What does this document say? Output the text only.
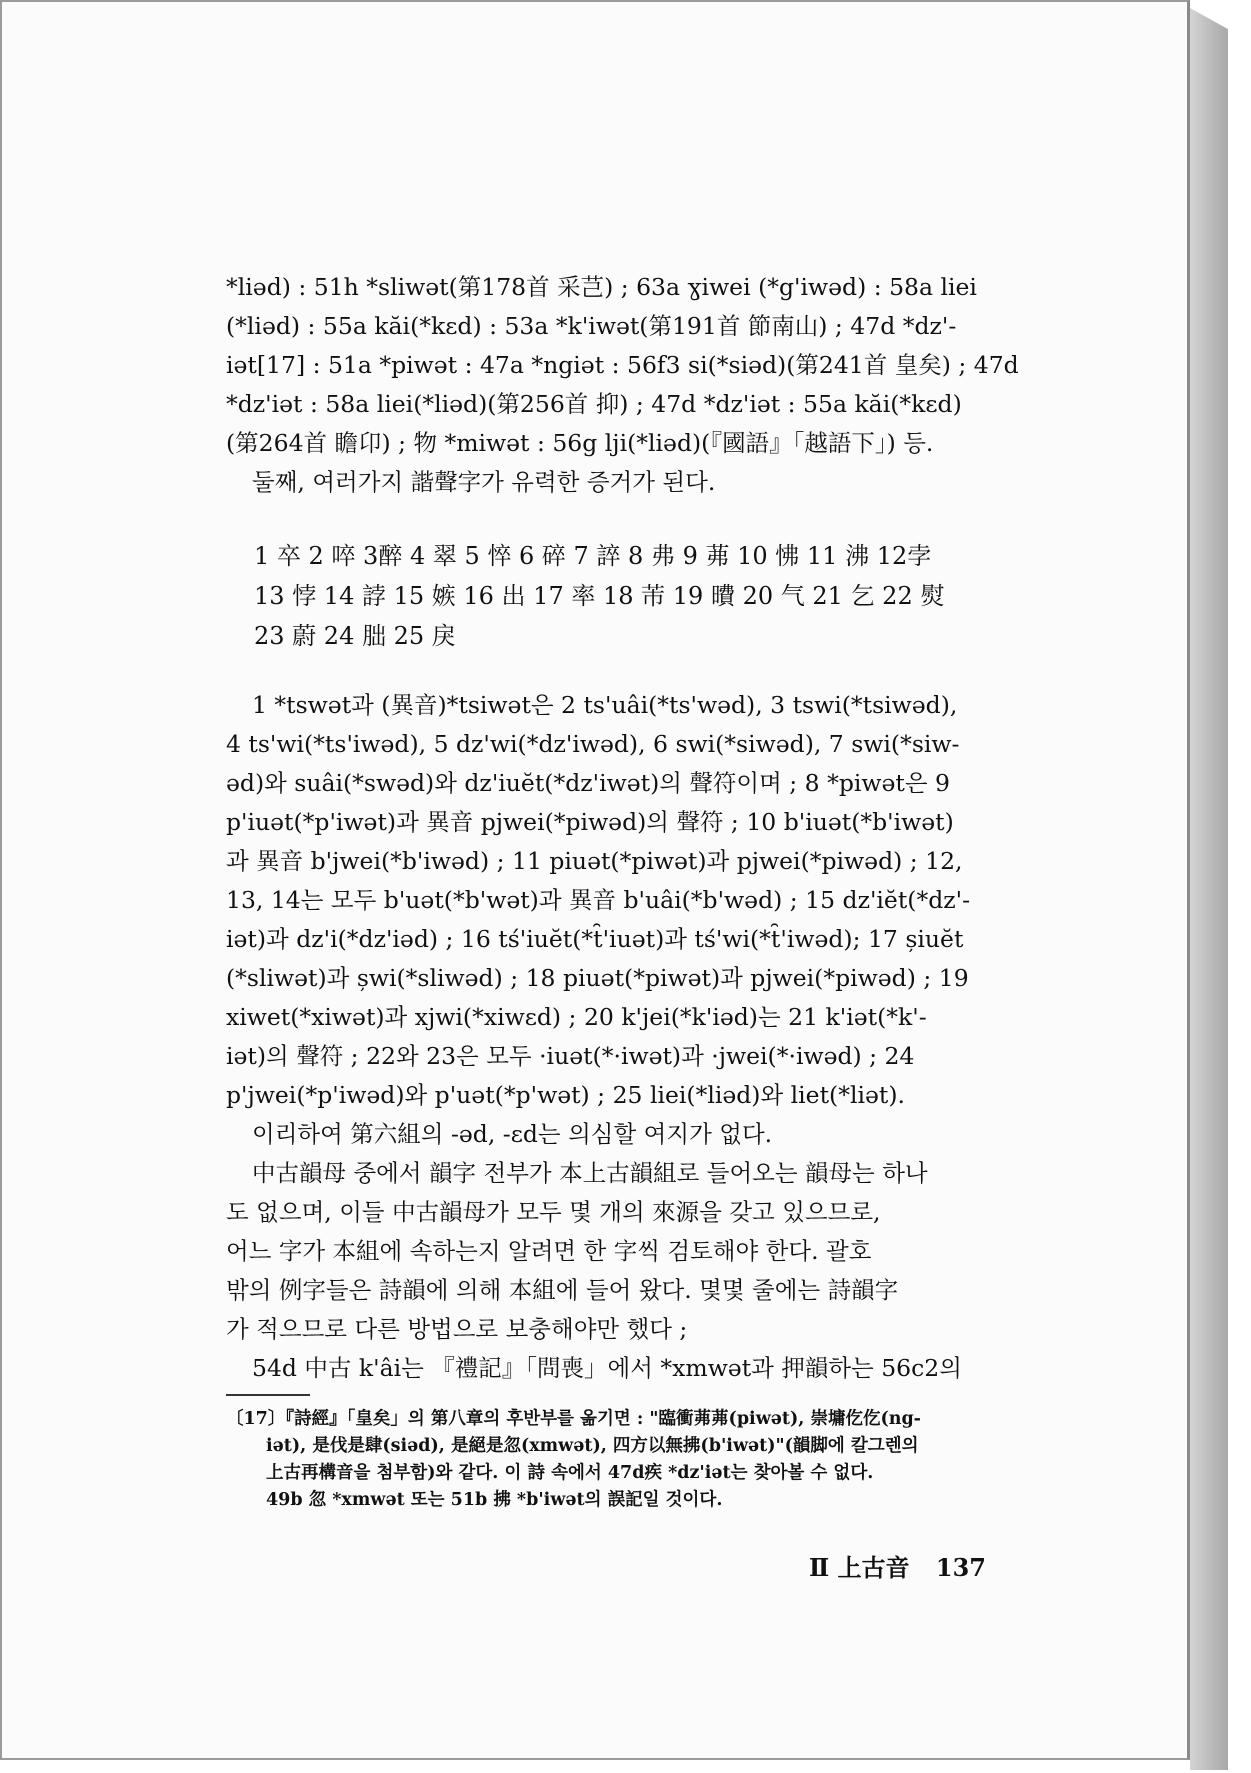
*liəd) : 51h *sliwət(第178首 采芑) ; 63a ɣiwei (*g'iwəd) : 58a liei

(*liəd) : 55a kăi(*kɛd) : 53a *k'iwət(第191首 節南山) ; 47d *dz'-

iət[17] : 51a *piwət : 47a *ngiət : 56f3 si(*siəd)(第241首 皇矣) ; 47d

*dz'iət : 58a liei(*liəd)(第256首 抑) ; 47d *dz'iət : 55a kăi(*kɛd)

(第264首 瞻卬) ; 物 *miwət : 56g lji(*liəd)(『國語』「越語下」) 등.

둘째, 여러가지 諧聲字가 유력한 증거가 된다.

1 卒 2 啐 3醉 4 翠 5 悴 6 碎 7 誶 8 弗 9 茀 10 怫 11 沸 12孛

13 悖 14 誖 15 嫉 16 出 17 率 18 芾 19 曊 20 气 21 乞 22 熨

23 蔚 24 朏 25 戾

1 *tswət과 (異音)*tsiwət은 2 ts'uâi(*ts'wəd), 3 tswi(*tsiwəd),

4 ts'wi(*ts'iwəd), 5 dz'wi(*dz'iwəd), 6 swi(*siwəd), 7 swi(*siw-

əd)와 suâi(*swəd)와 dz'iuĕt(*dz'iwət)의 聲符이며 ; 8 *piwət은 9

p'iuət(*p'iwət)과 異音 pjwei(*piwəd)의 聲符 ; 10 b'iuət(*b'iwət)

과 異音 b'jwei(*b'iwəd) ; 11 piuət(*piwət)과 pjwei(*piwəd) ; 12,

13, 14는 모두 b'uət(*b'wət)과 異音 b'uâi(*b'wəd) ; 15 dz'iĕt(*dz'-

iət)과 dz'i(*dz'iəd) ; 16 tś'iuĕt(*t̑'iuət)과 tś'wi(*t̑'iwəd); 17 șiuĕt

(*sliwət)과 șwi(*sliwəd) ; 18 piuət(*piwət)과 pjwei(*piwəd) ; 19

xiwet(*xiwət)과 xjwi(*xiwɛd) ; 20 k'jei(*k'iəd)는 21 k'iət(*k'-

iət)의 聲符 ; 22와 23은 모두 ·iuət(*·iwət)과 ·jwei(*·iwəd) ; 24

p'jwei(*p'iwəd)와 p'uət(*p'wət) ; 25 liei(*liəd)와 liet(*liət).

이리하여 第六組의 -əd, -ɛd는 의심할 여지가 없다.

中古韻母 중에서 韻字 전부가 本上古韻組로 들어오는 韻母는 하나

도 없으며, 이들 中古韻母가 모두 몇 개의 來源을 갖고 있으므로,

어느 字가 本組에 속하는지 알려면 한 字씩 검토해야 한다. 괄호

밖의 例字들은 詩韻에 의해 本組에 들어 왔다. 몇몇 줄에는 詩韻字

가 적으므로 다른 방법으로 보충해야만 했다 ;

54d 中古 k'âi는 『禮記』「問喪」에서 *xmwət과 押韻하는 56c2의

〔17〕『詩經』「皇矣」의 第八章의 후반부를 옮기면 : "臨衝茀茀(piwət), 崇墉仡仡(ng-

iət), 是伐是肆(siəd), 是絕是忽(xmwət), 四方以無拂(b'iwət)"(韻脚에 칼그렌의

上古再構音을 첨부함)와 같다. 이 詩 속에서 47d疾 *dz'iət는 찾아볼 수 없다.

49b 忽 *xmwət 또는 51b 拂 *b'iwət의 誤記일 것이다.

Ⅱ 上古音 137
